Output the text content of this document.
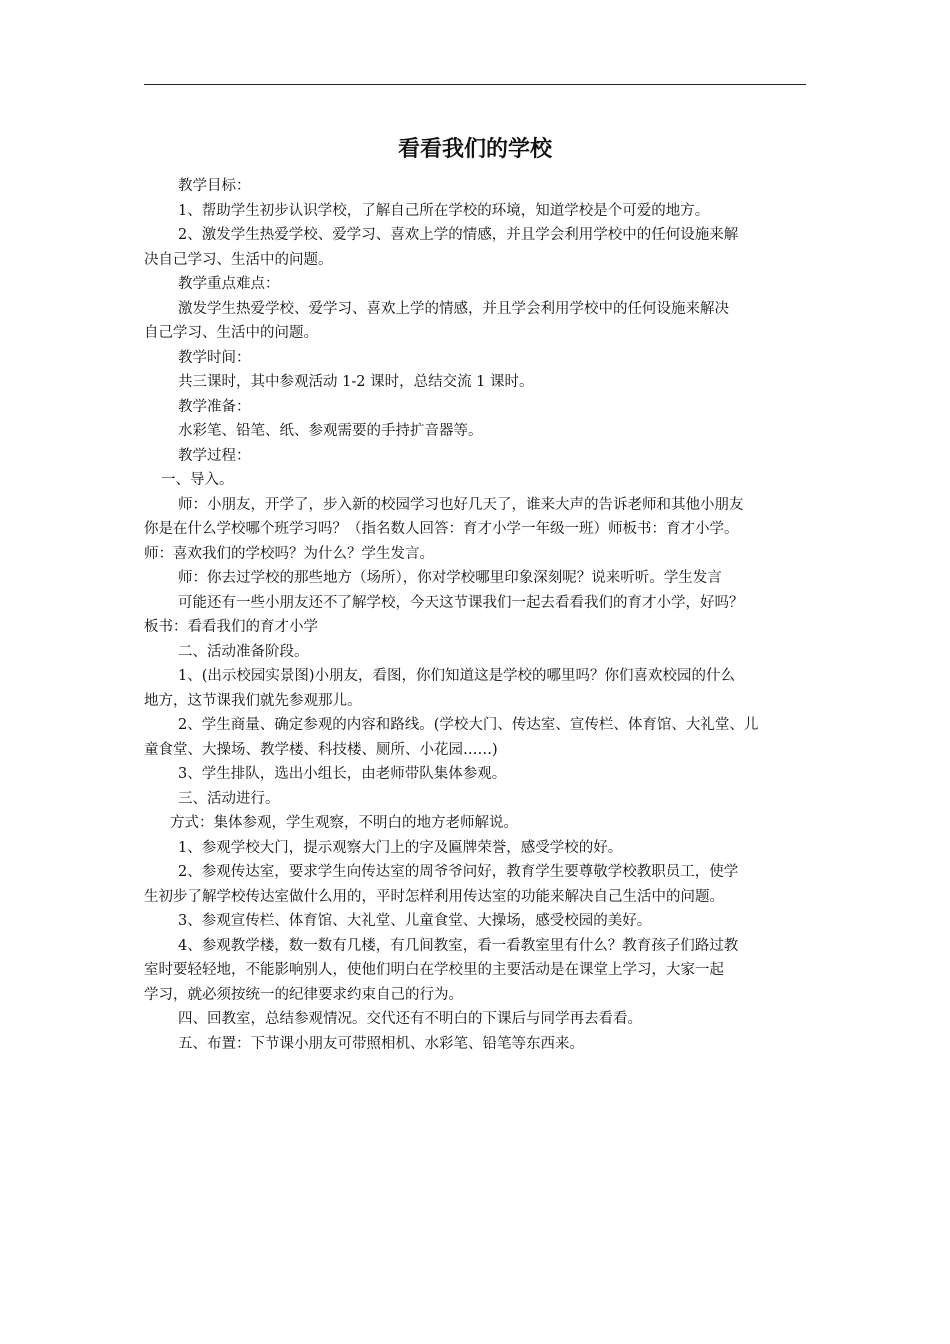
看看我们的学校

教学目标：

1、帮助学生初步认识学校，了解自己所在学校的环境，知道学校是个可爱的地方。

2、激发学生热爱学校、爱学习、喜欢上学的情感，并且学会利用学校中的任何设施来解

决自己学习、生活中的问题。

教学重点难点：

激发学生热爱学校、爱学习、喜欢上学的情感，并且学会利用学校中的任何设施来解决

自己学习、生活中的问题。

教学时间：

共三课时，其中参观活动 1-2 课时，总结交流 1 课时。

教学准备：

水彩笔、铅笔、纸、参观需要的手持扩音器等。

教学过程：

一、导入。

师：小朋友，开学了，步入新的校园学习也好几天了，谁来大声的告诉老师和其他小朋友

你是在什么学校哪个班学习吗？（指名数人回答：育才小学一年级一班）师板书：育才小学。

师：喜欢我们的学校吗？为什么？学生发言。

师：你去过学校的那些地方（场所），你对学校哪里印象深刻呢？说来听听。学生发言

可能还有一些小朋友还不了解学校，今天这节课我们一起去看看我们的育才小学，好吗？

板书：看看我们的育才小学

二、活动准备阶段。

1、(出示校园实景图)小朋友，看图，你们知道这是学校的哪里吗？你们喜欢校园的什么

地方，这节课我们就先参观那儿。

2、学生商量、确定参观的内容和路线。(学校大门、传达室、宣传栏、体育馆、大礼堂、儿

童食堂、大操场、教学楼、科技楼、厕所、小花园……)

3、学生排队，选出小组长，由老师带队集体参观。

三、活动进行。

方式：集体参观，学生观察，不明白的地方老师解说。

1、参观学校大门，提示观察大门上的字及匾牌荣誉，感受学校的好。

2、参观传达室，要求学生向传达室的周爷爷问好，教育学生要尊敬学校教职员工，使学

生初步了解学校传达室做什么用的，平时怎样利用传达室的功能来解决自己生活中的问题。

3、参观宣传栏、体育馆、大礼堂、儿童食堂、大操场，感受校园的美好。

4、参观教学楼，数一数有几楼，有几间教室，看一看教室里有什么？教育孩子们路过教

室时要轻轻地，不能影响别人，使他们明白在学校里的主要活动是在课堂上学习，大家一起

学习，就必须按统一的纪律要求约束自己的行为。

四、回教室，总结参观情况。交代还有不明白的下课后与同学再去看看。

五、布置：下节课小朋友可带照相机、水彩笔、铅笔等东西来。
